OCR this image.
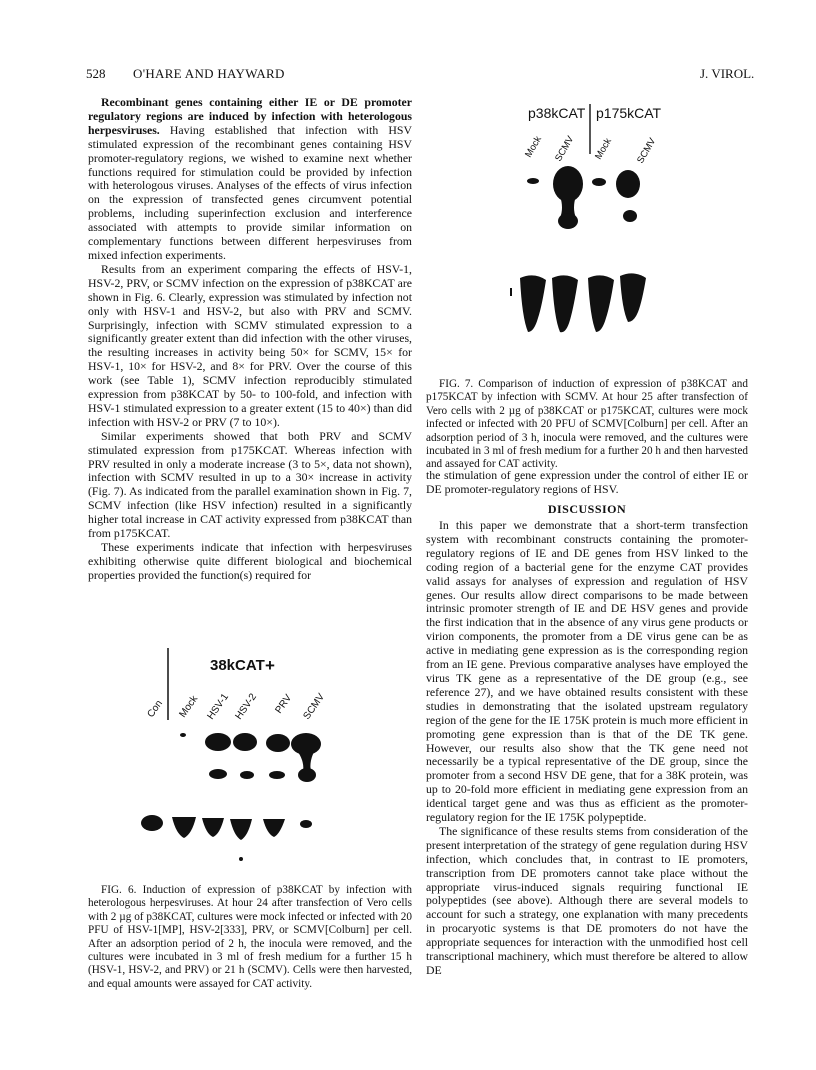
528 O'HARE AND HAYWARD	J. VIROL.

Recombinant genes containing either IE or DE promoter regulatory regions are induced by infection with heterologous herpesviruses. Having established that infection with HSV stimulated expression of the recombinant genes containing HSV promoter-regulatory regions, we wished to examine next whether functions required for stimulation could be provided by infection with heterologous viruses. Analyses of the effects of virus infection on the expression of transfected genes circumvent potential problems, including superinfection exclusion and interference associated with attempts to provide similar information on complementary functions between different herpesviruses from mixed infection experiments.

Results from an experiment comparing the effects of HSV-1, HSV-2, PRV, or SCMV infection on the expression of p38KCAT are shown in Fig. 6. Clearly, expression was stimulated by infection not only with HSV-1 and HSV-2, but also with PRV and SCMV. Surprisingly, infection with SCMV stimulated expression to a significantly greater extent than did infection with the other viruses, the resulting increases in activity being 50× for SCMV, 15× for HSV-1, 10× for HSV-2, and 8× for PRV. Over the course of this work (see Table 1), SCMV infection reproducibly stimulated expression from p38KCAT by 50- to 100-fold, and infection with HSV-1 stimulated expression to a greater extent (15 to 40×) than did infection with HSV-2 or PRV (7 to 10×).

Similar experiments showed that both PRV and SCMV stimulated expression from p175KCAT. Whereas infection with PRV resulted in only a moderate increase (3 to 5×, data not shown), infection with SCMV resulted in up to a 30× increase in activity (Fig. 7). As indicated from the parallel examination shown in Fig. 7, SCMV infection (like HSV infection) resulted in a significantly higher total increase in CAT activity expressed from p38KCAT than from p175KCAT.

These experiments indicate that infection with herpesviruses exhibiting otherwise quite different biological and biochemical properties provided the function(s) required for

38kCAT +
Con Mock HSV-1 HSV-2 PRV SCMV

FIG. 6. Induction of expression of p38KCAT by infection with heterologous herpesviruses. At hour 24 after transfection of Vero cells with 2 µg of p38KCAT, cultures were mock infected or infected with 20 PFU of HSV-1[MP], HSV-2[333], PRV, or SCMV[Colburn] per cell. After an adsorption period of 2 h, the inocula were removed, and the cultures were incubated in 3 ml of fresh medium for a further 15 h (HSV-1, HSV-2, and PRV) or 21 h (SCMV). Cells were then harvested, and equal amounts were assayed for CAT activity.

p38kCAT p175kCAT
Mock SCMV Mock SCMV

FIG. 7. Comparison of induction of expression of p38KCAT and p175KCAT by infection with SCMV. At hour 25 after transfection of Vero cells with 2 µg of p38KCAT or p175KCAT, cultures were mock infected or infected with 20 PFU of SCMV[Colburn] per cell. After an adsorption period of 3 h, inocula were removed, and the cultures were incubated in 3 ml of fresh medium for a further 20 h and then harvested and assayed for CAT activity.

the stimulation of gene expression under the control of either IE or DE promoter-regulatory regions of HSV.

DISCUSSION

In this paper we demonstrate that a short-term transfection system with recombinant constructs containing the promoter-regulatory regions of IE and DE genes from HSV linked to the coding region of a bacterial gene for the enzyme CAT provides valid assays for analyses of expression and regulation of HSV genes. Our results allow direct comparisons to be made between intrinsic promoter strength of IE and DE HSV genes and provide the first indication that in the absence of any virus gene products or virion components, the promoter from a DE virus gene can be as active in mediating gene expression as is the corresponding region from an IE gene. Previous comparative analyses have employed the virus TK gene as a representative of the DE group (e.g., see reference 27), and we have obtained results consistent with these studies in demonstrating that the isolated upstream regulatory region of the gene for the IE 175K protein is much more efficient in promoting gene expression than is that of the DE TK gene. However, our results also show that the TK gene need not necessarily be a typical representative of the DE group, since the promoter from a second HSV DE gene, that for a 38K protein, was up to 20-fold more efficient in mediating gene expression from an identical target gene and was thus as efficient as the promoter-regulatory region for the IE 175K polypeptide.

The significance of these results stems from consideration of the present interpretation of the strategy of gene regulation during HSV infection, which concludes that, in contrast to IE promoters, transcription from DE promoters cannot take place without the appropriate virus-induced signals requiring functional IE polypeptides (see above). Although there are several models to account for such a strategy, one explanation with many precedents in procaryotic systems is that DE promoters do not have the appropriate sequences for interaction with the unmodified host cell transcriptional machinery, which must therefore be altered to allow DE
